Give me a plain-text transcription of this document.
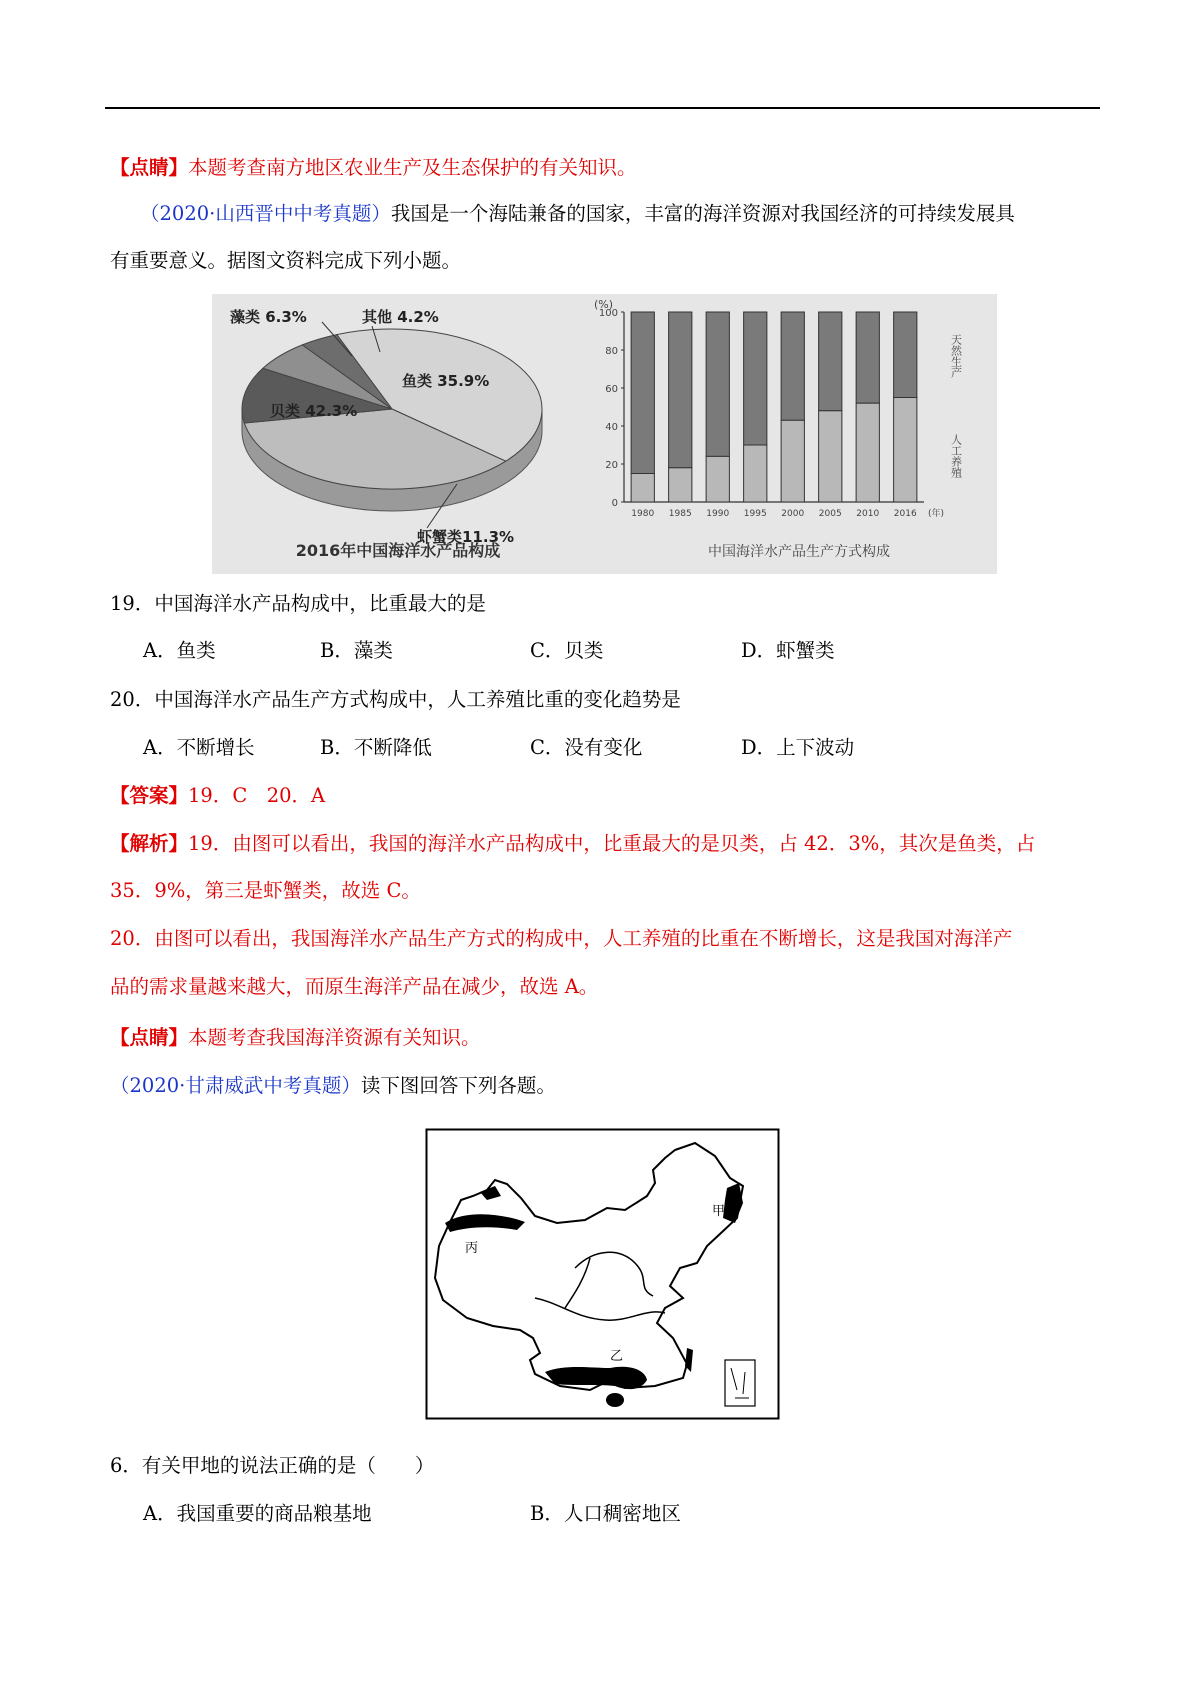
【点睛】本题考查南方地区农业生产及生态保护的有关知识。
（2020·山西晋中中考真题）我国是一个海陆兼备的国家，丰富的海洋资源对我国经济的可持续发展具
有重要意义。据图文资料完成下列小题。
贝类 42.3%
鱼类 35.9%
虾蟹类11.3%
藻类 6.3%	其他 4.2%
2016年中国海洋水产品构成
(%)
0
20
40
60
80
100
1980 1985 1990 1995 2000 2005 2010 2016 (年)
天然生产
人工养殖
中国海洋水产品生产方式构成
19．中国海洋水产品构成中，比重最大的是
A．鱼类	B．藻类	C．贝类	D．虾蟹类
20．中国海洋水产品生产方式构成中，人工养殖比重的变化趋势是
A．不断增长	B．不断降低	C．没有变化	D．上下波动
【答案】19．C　20．A
【解析】19．由图可以看出，我国的海洋水产品构成中，比重最大的是贝类，占 42．3%，其次是鱼类，占
35．9%，第三是虾蟹类，故选 C。
20．由图可以看出，我国海洋水产品生产方式的构成中，人工养殖的比重在不断增长，这是我国对海洋产
品的需求量越来越大，而原生海洋产品在减少，故选 A。
【点睛】本题考查我国海洋资源有关知识。
（2020·甘肃威武中考真题）读下图回答下列各题。
甲
丙
乙
6．有关甲地的说法正确的是（　　）
A．我国重要的商品粮基地	B．人口稠密地区
